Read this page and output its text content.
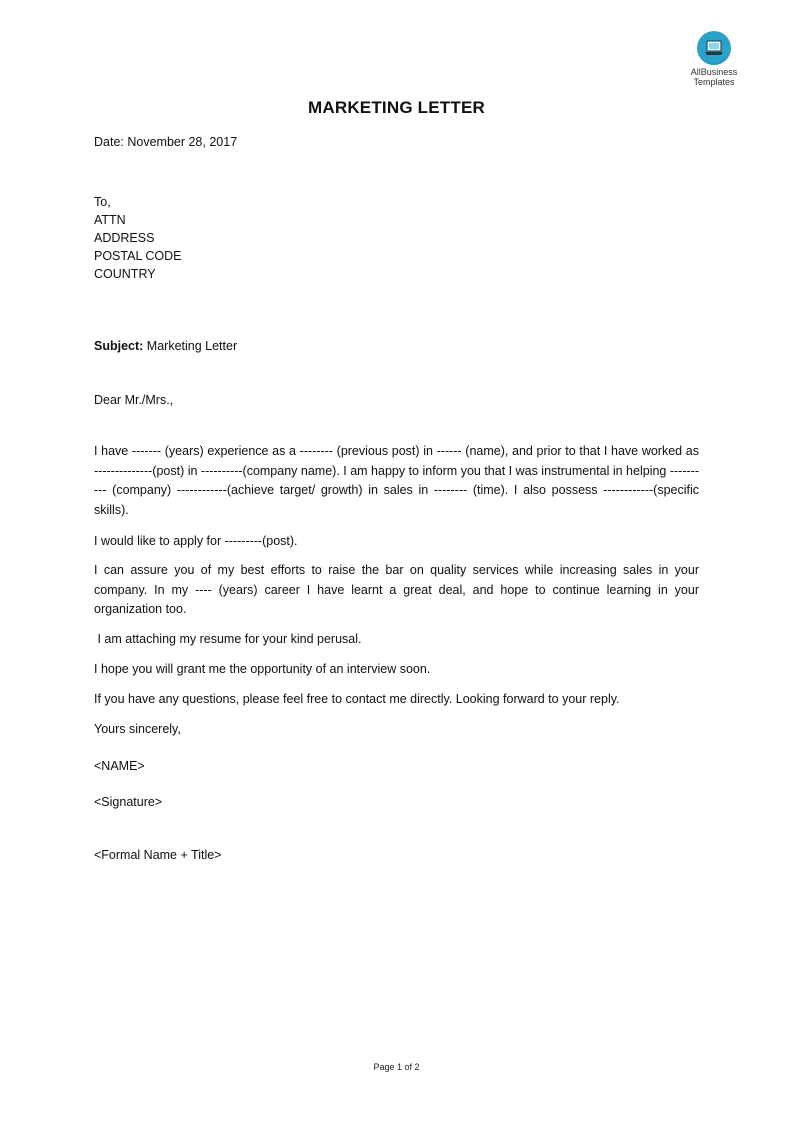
AllBusiness
Templates
MARKETING LETTER
Date: November 28, 2017
To,
ATTN
ADDRESS
POSTAL CODE
COUNTRY
Subject: Marketing Letter
Dear Mr./Mrs.,
I have ------- (years) experience as a -------- (previous post) in ------ (name), and prior to that I have worked as --------------(post) in ----------(company name). I am happy to inform you that I was instrumental in helping ---------- (company) ------------(achieve target/ growth) in sales in -------- (time). I also possess ------------(specific skills).
I would like to apply for ---------(post).
I can assure you of my best efforts to raise the bar on quality services while increasing sales in your company. In my ---- (years) career I have learnt a great deal, and hope to continue learning in your organization too.
I am attaching my resume for your kind perusal.
I hope you will grant me the opportunity of an interview soon.
If you have any questions, please feel free to contact me directly. Looking forward to your reply.
Yours sincerely,
<NAME>
<Signature>
<Formal Name + Title>
Page 1 of 2
